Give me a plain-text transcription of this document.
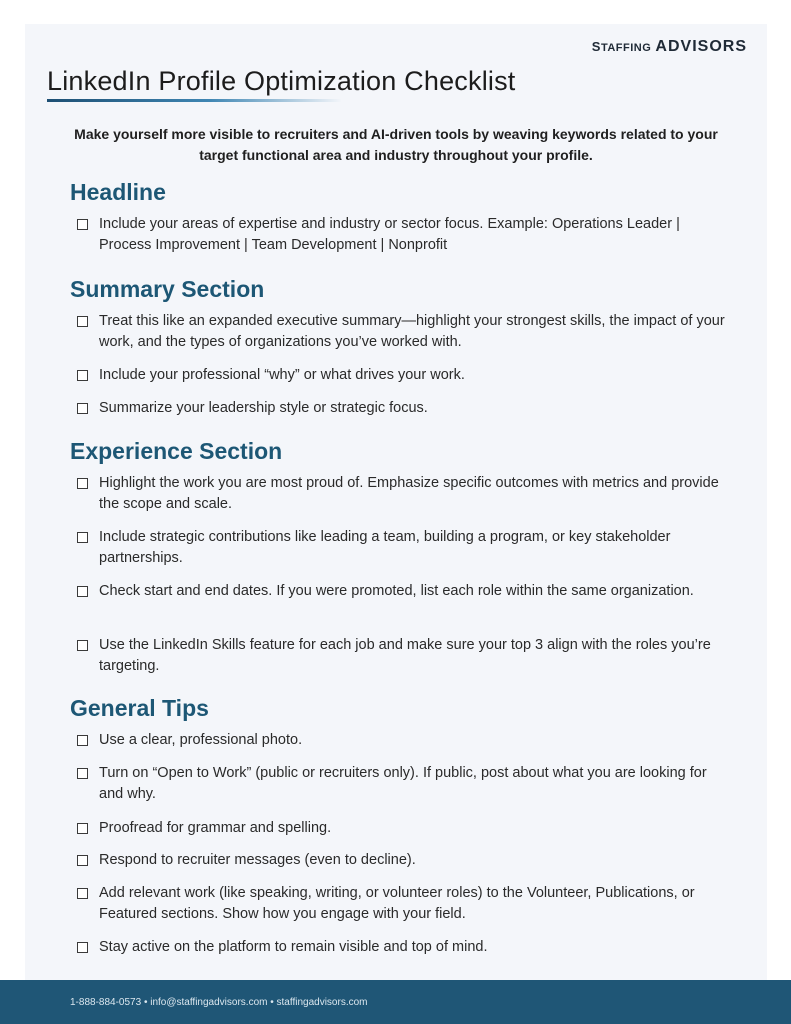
STAFFING ADVISORS
LinkedIn Profile Optimization Checklist
Make yourself more visible to recruiters and AI-driven tools by weaving keywords related to your target functional area and industry throughout your profile.
Headline
Include your areas of expertise and industry or sector focus. Example: Operations Leader | Process Improvement | Team Development | Nonprofit
Summary Section
Treat this like an expanded executive summary—highlight your strongest skills, the impact of your work, and the types of organizations you’ve worked with.
Include your professional “why” or what drives your work.
Summarize your leadership style or strategic focus.
Experience Section
Highlight the work you are most proud of. Emphasize specific outcomes with metrics and provide the scope and scale.
Include strategic contributions like leading a team, building a program, or key stakeholder partnerships.
Check start and end dates. If you were promoted, list each role within the same organization.
Use the LinkedIn Skills feature for each job and make sure your top 3 align with the roles you’re targeting.
General Tips
Use a clear, professional photo.
Turn on “Open to Work” (public or recruiters only). If public, post about what you are looking for and why.
Proofread for grammar and spelling.
Respond to recruiter messages (even to decline).
Add relevant work (like speaking, writing, or volunteer roles) to the Volunteer, Publications, or Featured sections. Show how you engage with your field.
Stay active on the platform to remain visible and top of mind.
1-888-884-0573 • info@staffingadvisors.com • staffingadvisors.com
